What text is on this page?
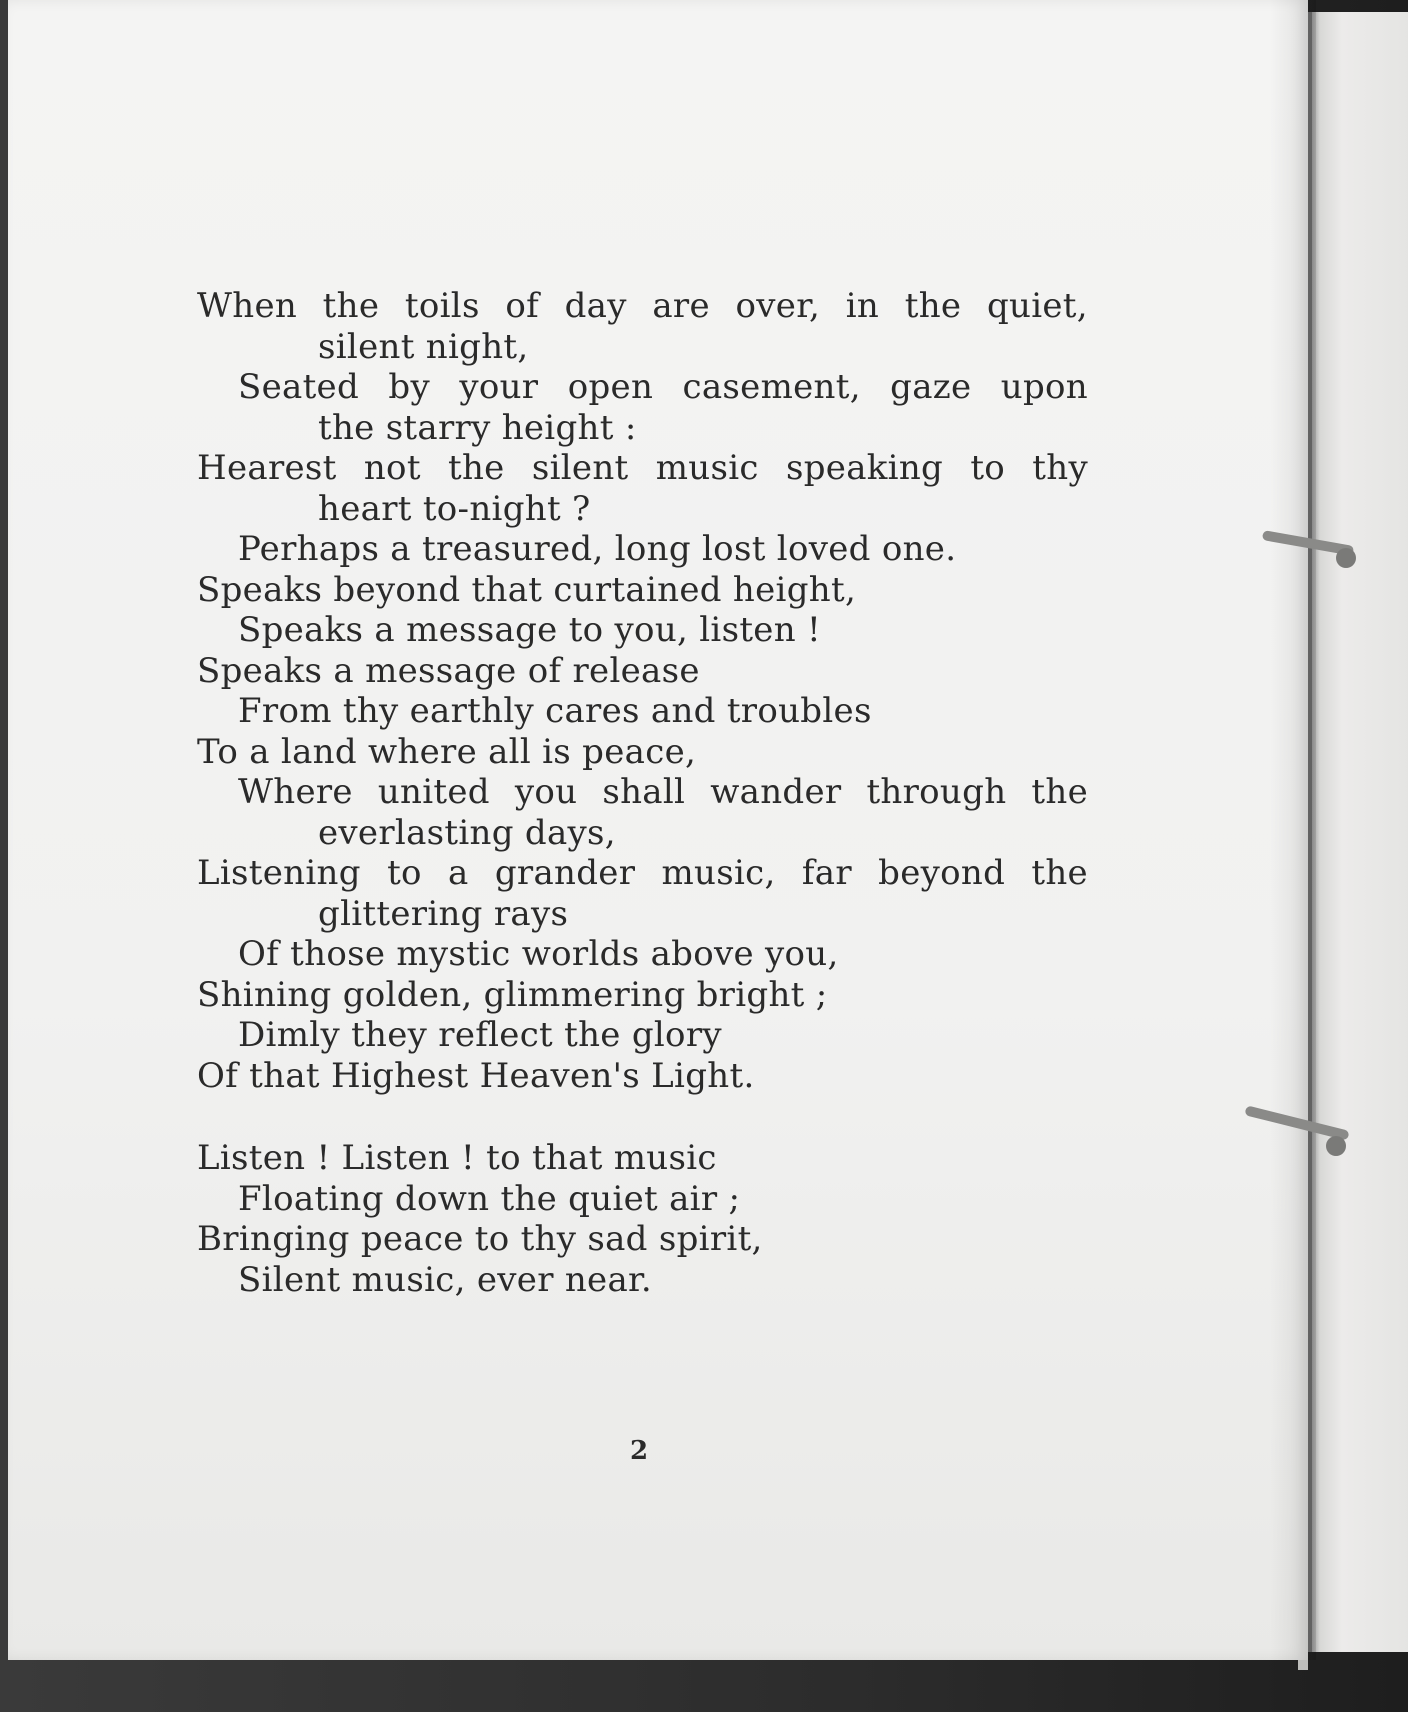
When the toils of day are over, in the quiet,
silent night,
Seated by your open casement, gaze upon
the starry height :
Hearest not the silent music speaking to thy
heart to-night ?
Perhaps a treasured, long lost loved one.
Speaks beyond that curtained height,
Speaks a message to you, listen !
Speaks a message of release
From thy earthly cares and troubles
To a land where all is peace,
Where united you shall wander through the
everlasting days,
Listening to a grander music, far beyond the
glittering rays
Of those mystic worlds above you,
Shining golden, glimmering bright ;
Dimly they reflect the glory
Of that Highest Heaven's Light.
Listen ! Listen ! to that music
Floating down the quiet air ;
Bringing peace to thy sad spirit,
Silent music, ever near.
2
